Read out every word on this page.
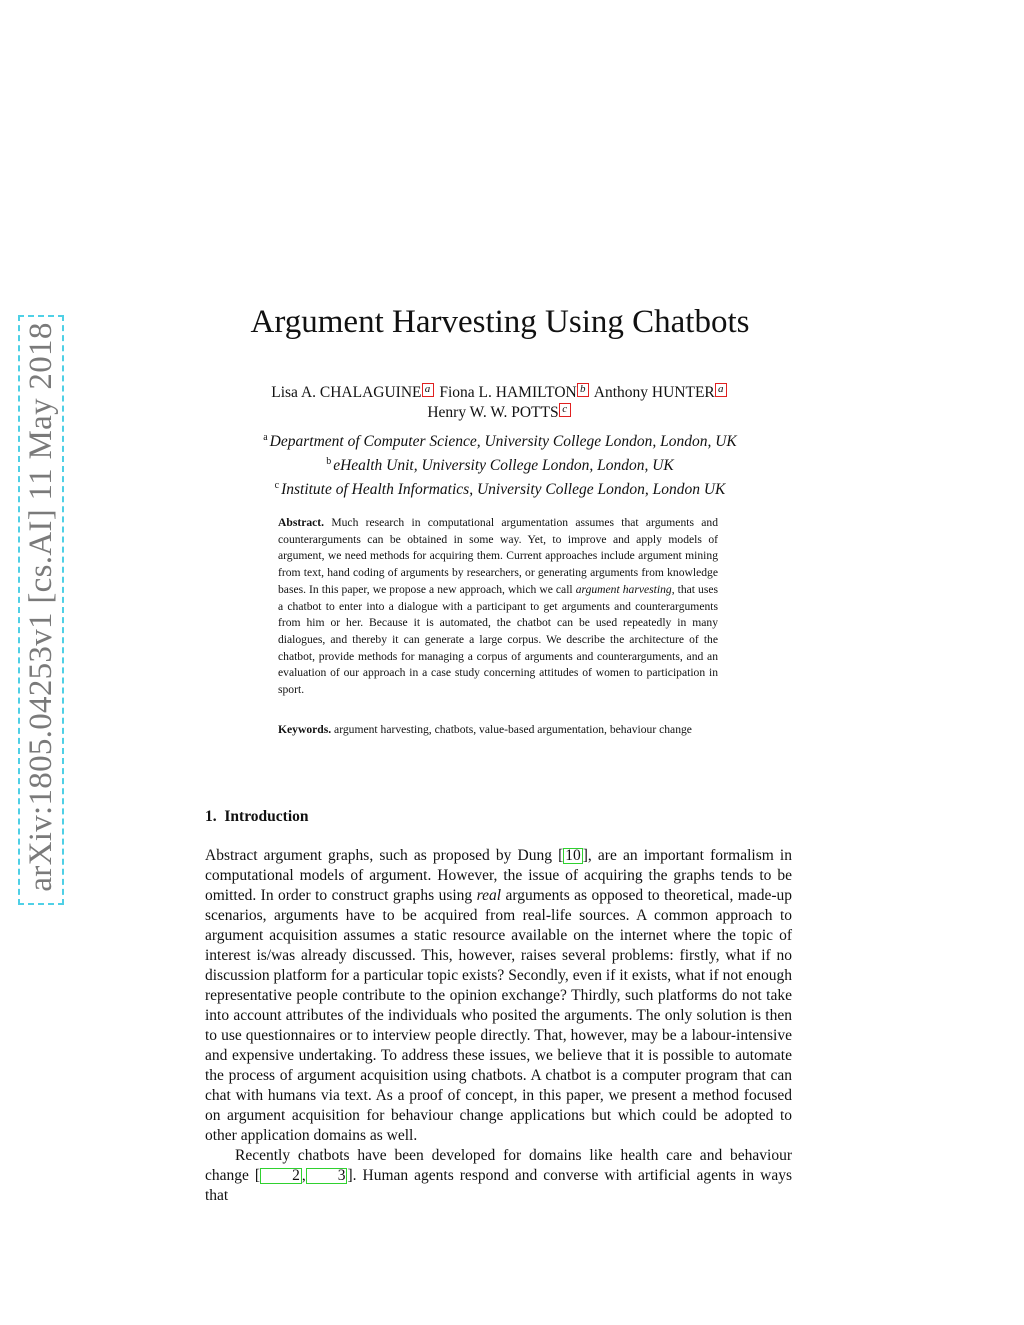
arXiv:1805.04253v1 [cs.AI] 11 May 2018
Argument Harvesting Using Chatbots
Lisa A. CHALAGUINE a Fiona L. HAMILTON b Anthony HUNTER a
Henry W. W. POTTS c
$^a$ Department of Computer Science, University College London, London, UK
$^b$ eHealth Unit, University College London, London, UK
$^c$ Institute of Health Informatics, University College London, London UK
Abstract. Much research in computational argumentation assumes that arguments and counterarguments can be obtained in some way. Yet, to improve and apply models of argument, we need methods for acquiring them. Current approaches include argument mining from text, hand coding of arguments by researchers, or generating arguments from knowledge bases. In this paper, we propose a new approach, which we call argument harvesting, that uses a chatbot to enter into a dialogue with a participant to get arguments and counterarguments from him or her. Because it is automated, the chatbot can be used repeatedly in many dialogues, and thereby it can generate a large corpus. We describe the architecture of the chatbot, provide methods for managing a corpus of arguments and counterarguments, and an evaluation of our approach in a case study concerning attitudes of women to participation in sport.
Keywords. argument harvesting, chatbots, value-based argumentation, behaviour change
1. Introduction

Abstract argument graphs, such as proposed by Dung [ 10 ], are an important formalism in computational models of argument. However, the issue of acquiring the graphs tends to be omitted. In order to construct graphs using real arguments as opposed to theoretical, made-up scenarios, arguments have to be acquired from real-life sources. A common approach to argument acquisition assumes a static resource available on the internet where the topic of interest is/was already discussed. This, however, raises several problems: firstly, what if no discussion platform for a particular topic exists? Secondly, even if it exists, what if not enough representative people contribute to the opinion exchange? Thirdly, such platforms do not take into account attributes of the individuals who posited the arguments. The only solution is then to use questionnaires or to interview people directly. That, however, may be a labour-intensive and expensive undertaking. To address these issues, we believe that it is possible to automate the process of argument acquisition using chatbots. A chatbot is a computer program that can chat with humans via text. As a proof of concept, in this paper, we present a method focused on argument acquisition for behaviour change applications but which could be adopted to other application domains as well.

Recently chatbots have been developed for domains like health care and behaviour change [ 2 , 3 ]. Human agents respond and converse with artificial agents in ways that
